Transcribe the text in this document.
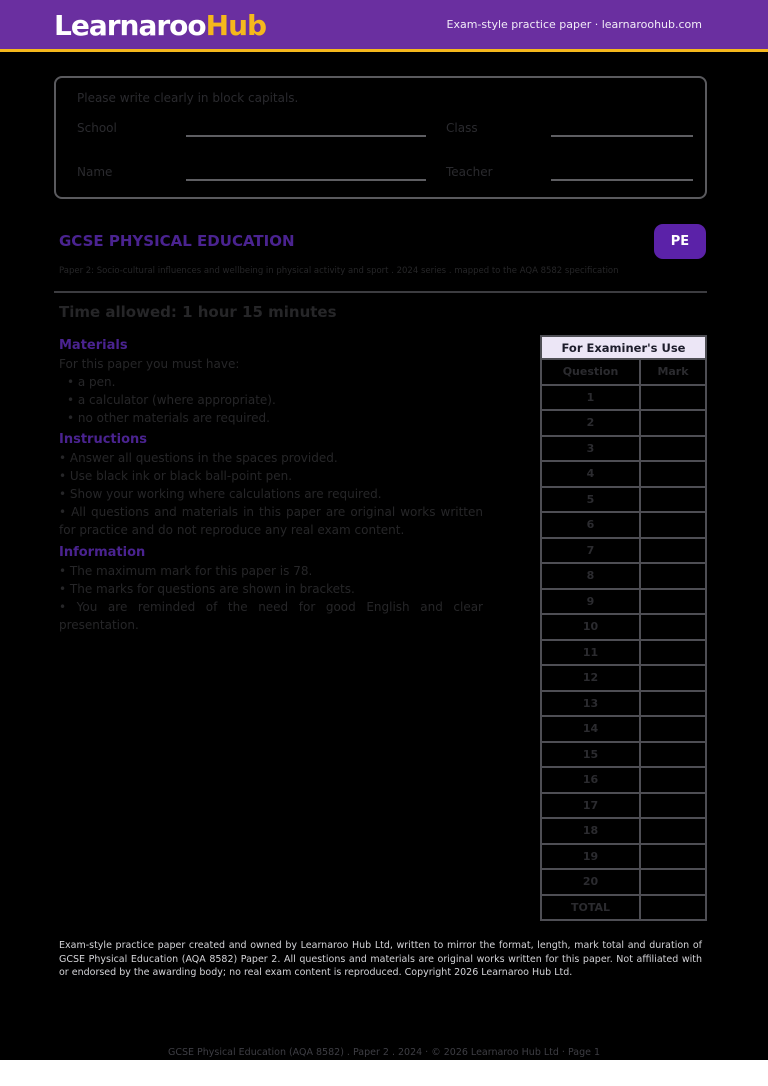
LearnarooHub	Exam-style practice paper · learnaroohub.com
Please write clearly in block capitals.
School	Class
Name	Teacher
GCSE PHYSICAL EDUCATION	PE
Paper 2: Socio-cultural influences and wellbeing in physical activity and sport . 2024 series . mapped to the AQA 8582 specification
Time allowed: 1 hour 15 minutes
Materials
For this paper you must have:
• a pen.
• a calculator (where appropriate).
• no other materials are required.
Instructions
• Answer all questions in the spaces provided.
• Use black ink or black ball-point pen.
• Show your working where calculations are required.
• All questions and materials in this paper are original works written for practice and do not reproduce any real exam content.
Information
• The maximum mark for this paper is 78.
• The marks for questions are shown in brackets.
• You are reminded of the need for good English and clear presentation.
For Examiner's Use	
Question	Mark
1	
2	
3	
4	
5	
6	
7	
8	
9	
10	
11	
12	
13	
14	
15	
16	
17	
18	
19	
20	
TOTAL	
Exam-style practice paper created and owned by Learnaroo Hub Ltd, written to mirror the format, length, mark total and duration of GCSE Physical Education (AQA 8582) Paper 2. All questions and materials are original works written for this paper. Not affiliated with or endorsed by the awarding body; no real exam content is reproduced. Copyright 2026 Learnaroo Hub Ltd.
GCSE Physical Education (AQA 8582) . Paper 2 . 2024 · © 2026 Learnaroo Hub Ltd · Page 1
